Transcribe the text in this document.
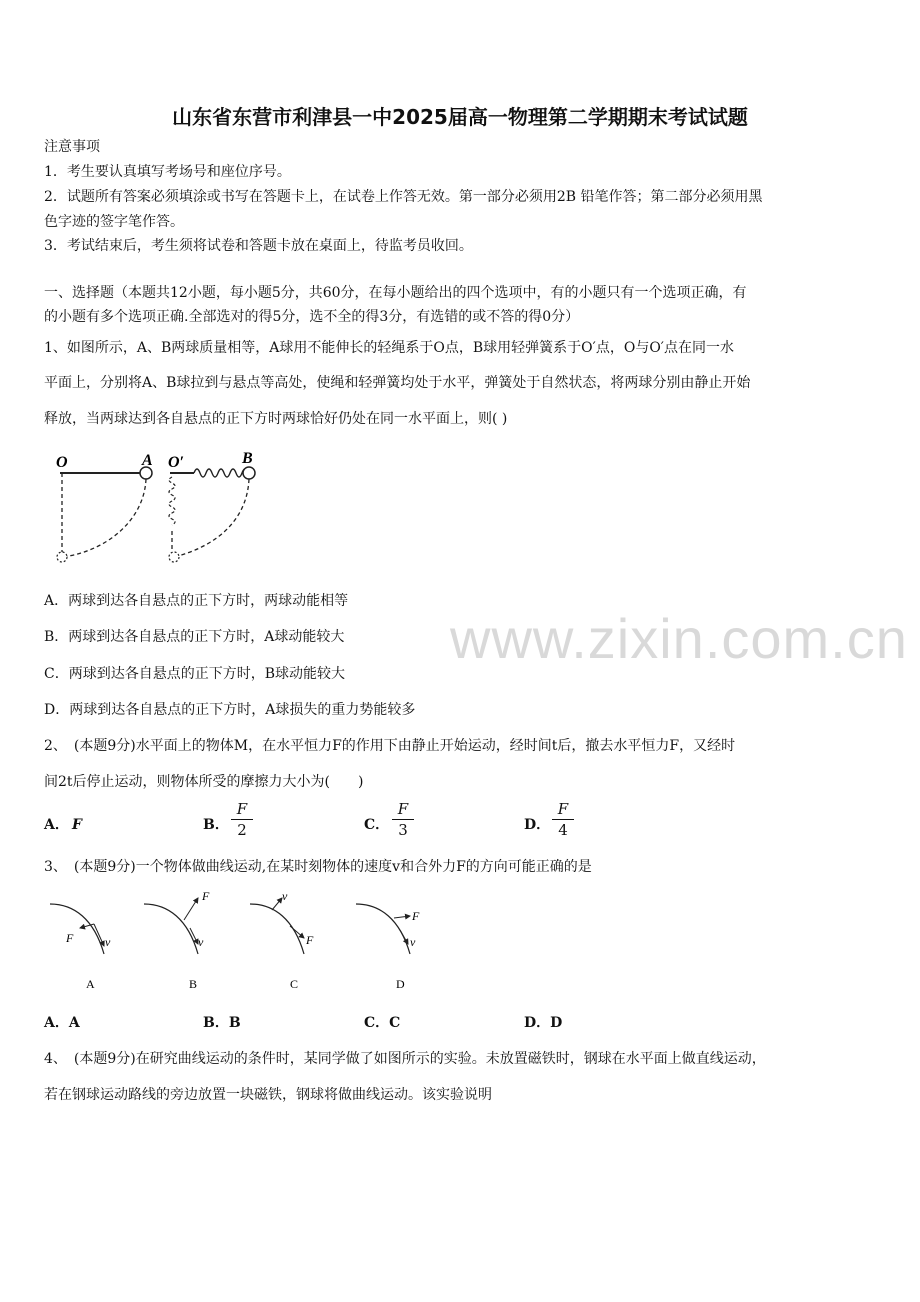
山东省东营市利津县一中2025届高一物理第二学期期末考试试题
注意事项
1．考生要认真填写考场号和座位序号。
2．试题所有答案必须填涂或书写在答题卡上，在试卷上作答无效。第一部分必须用2B 铅笔作答；第二部分必须用黑
色字迹的签字笔作答。
3．考试结束后，考生须将试卷和答题卡放在桌面上，待监考员收回。
一、选择题（本题共12小题，每小题5分，共60分，在每小题给出的四个选项中，有的小题只有一个选项正确，有
的小题有多个选项正确.全部选对的得5分，选不全的得3分，有选错的或不答的得0分）
1、如图所示，A、B两球质量相等，A球用不能伸长的轻绳系于O点，B球用轻弹簧系于O′点，O与O′点在同一水
平面上，分别将A、B球拉到与悬点等高处，使绳和轻弹簧均处于水平，弹簧处于自然状态，将两球分别由静止开始
释放，当两球达到各自悬点的正下方时两球恰好仍处在同一水平面上，则( )
O	A O′	B
A．两球到达各自悬点的正下方时，两球动能相等
B．两球到达各自悬点的正下方时，A球动能较大
C．两球到达各自悬点的正下方时，B球动能较大
D．两球到达各自悬点的正下方时，A球损失的重力势能较多
www.zixin.com.cn
2、　(本题9分)水平面上的物体M，在水平恒力F的作用下由静止开始运动，经时间t后，撤去水平恒力F，又经时
间2t后停止运动，则物体所受的摩擦力大小为(　　)
A． F	B．
F
2	C．
F
3	D．
F
4
3、　(本题9分)一个物体做曲线运动,在某时刻物体的速度v和合外力F的方向可能正确的是
F	v
A
F
v
B
v
F
C
F
v
D
A．A	B．B	C．C	D．D
4、　(本题9分)在研究曲线运动的条件时，某同学做了如图所示的实验。未放置磁铁时，钢球在水平面上做直线运动，
若在钢球运动路线的旁边放置一块磁铁，钢球将做曲线运动。该实验说明
